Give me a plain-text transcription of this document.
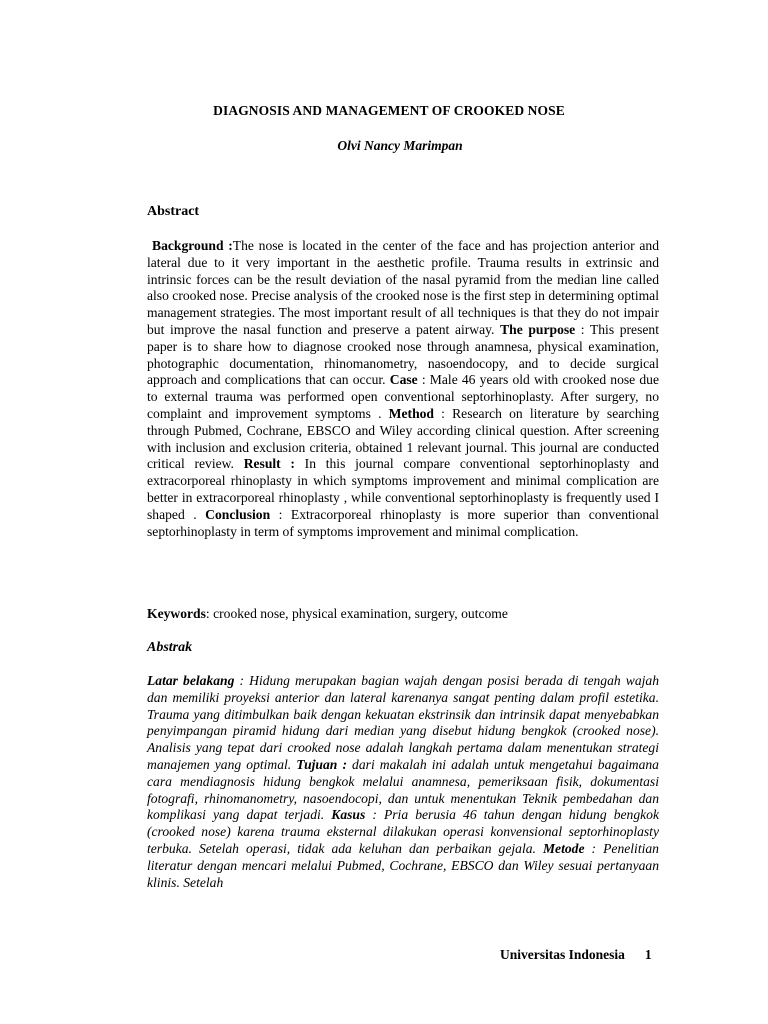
DIAGNOSIS AND MANAGEMENT OF CROOKED NOSE
Olvi Nancy Marimpan
Abstract
Background :The nose is located in the center of the face and has projection anterior and lateral due to it very important in the aesthetic profile. Trauma results in extrinsic and intrinsic forces can be the result deviation of the nasal pyramid from the median line called also crooked nose. Precise analysis of the crooked nose is the first step in determining optimal management strategies. The most important result of all techniques is that they do not impair but improve the nasal function and preserve a patent airway. The purpose : This present paper is to share how to diagnose crooked nose through anamnesa, physical examination, photographic documentation, rhinomanometry, nasoendocopy, and to decide surgical approach and complications that can occur. Case : Male 46 years old with crooked nose due to external trauma was performed open conventional septorhinoplasty. After surgery, no complaint and improvement symptoms . Method : Research on literature by searching through Pubmed, Cochrane, EBSCO and Wiley according clinical question. After screening with inclusion and exclusion criteria, obtained 1 relevant journal. This journal are conducted critical review. Result : In this journal compare conventional septorhinoplasty and extracorporeal rhinoplasty in which symptoms improvement and minimal complication are better in extracorporeal rhinoplasty , while conventional septorhinoplasty is frequently used I shaped . Conclusion : Extracorporeal rhinoplasty is more superior than conventional septorhinoplasty in term of symptoms improvement and minimal complication.
Keywords: crooked nose, physical examination, surgery, outcome
Abstrak
Latar belakang : Hidung merupakan bagian wajah dengan posisi berada di tengah wajah dan memiliki proyeksi anterior dan lateral karenanya sangat penting dalam profil estetika. Trauma yang ditimbulkan baik dengan kekuatan ekstrinsik dan intrinsik dapat menyebabkan penyimpangan piramid hidung dari median yang disebut hidung bengkok (crooked nose). Analisis yang tepat dari crooked nose adalah langkah pertama dalam menentukan strategi manajemen yang optimal. Tujuan : dari makalah ini adalah untuk mengetahui bagaimana cara mendiagnosis hidung bengkok melalui anamnesa, pemeriksaan fisik, dokumentasi fotografi, rhinomanometry, nasoendocopi, dan untuk menentukan Teknik pembedahan dan komplikasi yang dapat terjadi. Kasus : Pria berusia 46 tahun dengan hidung bengkok (crooked nose) karena trauma eksternal dilakukan operasi konvensional septorhinoplasty terbuka. Setelah operasi, tidak ada keluhan dan perbaikan gejala. Metode : Penelitian literatur dengan mencari melalui Pubmed, Cochrane, EBSCO dan Wiley sesuai pertanyaan klinis. Setelah
Universitas Indonesia 1
